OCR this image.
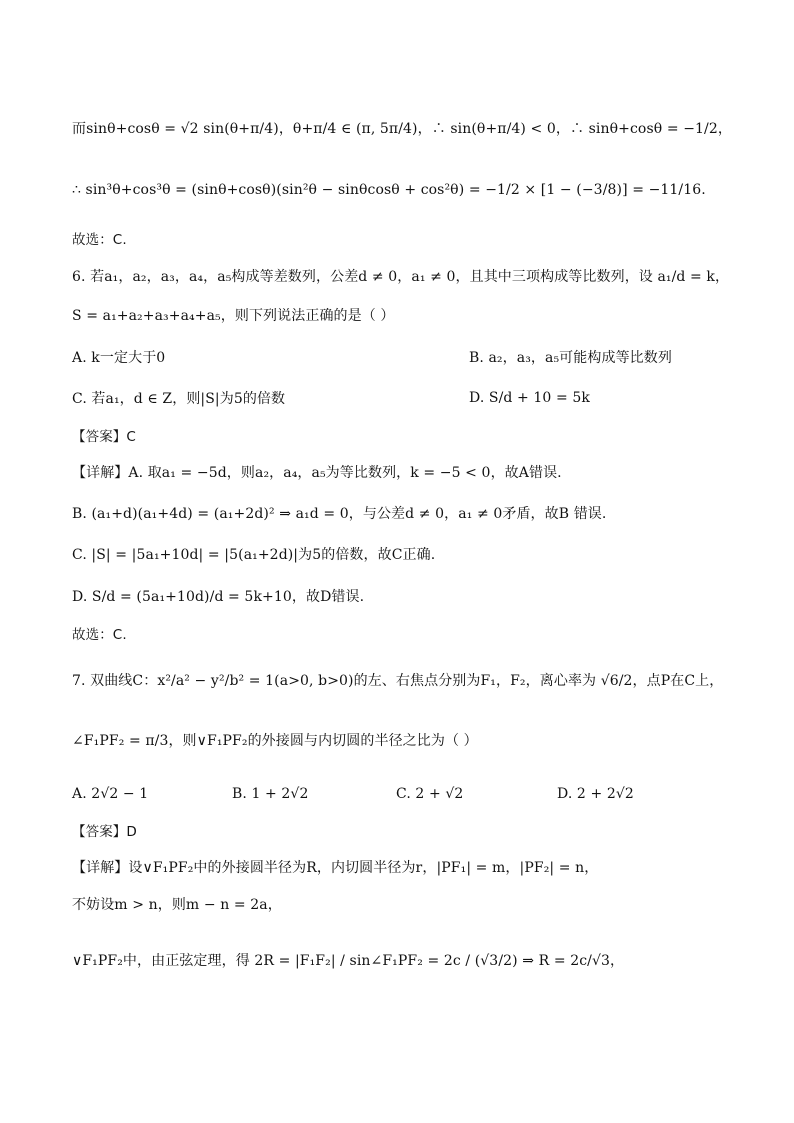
而sinθ+cosθ = √2 sin(θ+π/4)，θ+π/4 ∈ (π, 5π/4)，∴ sin(θ+π/4) < 0，∴ sinθ+cosθ = −1/2，
∴ sin³θ+cos³θ = (sinθ+cosθ)(sin²θ − sinθcosθ + cos²θ) = −1/2 × [1 − (−3/8)] = −11/16.
故选：C.
6. 若a₁，a₂，a₃，a₄，a₅构成等差数列，公差d ≠ 0，a₁ ≠ 0，且其中三项构成等比数列，设 a₁/d = k，
S = a₁+a₂+a₃+a₄+a₅，则下列说法正确的是（ ）
A. k一定大于0	B. a₂，a₃，a₅可能构成等比数列
C. 若a₁，d ∈ Z，则|S|为5的倍数	D. S/d + 10 = 5k
【答案】C
【详解】A. 取a₁ = −5d，则a₂，a₄，a₅为等比数列，k = −5 < 0，故A错误.
B. (a₁+d)(a₁+4d) = (a₁+2d)² ⇒ a₁d = 0，与公差d ≠ 0，a₁ ≠ 0矛盾，故B 错误.
C. |S| = |5a₁+10d| = |5(a₁+2d)|为5的倍数，故C正确.
D. S/d = (5a₁+10d)/d = 5k+10，故D错误.
故选：C.
7. 双曲线C：x²/a² − y²/b² = 1(a>0, b>0)的左、右焦点分别为F₁，F₂，离心率为 √6/2，点P在C上，
∠F₁PF₂ = π/3，则∨F₁PF₂的外接圆与内切圆的半径之比为（ ）
A. 2√2 − 1	B. 1 + 2√2	C. 2 + √2	D. 2 + 2√2
【答案】D
【详解】设∨F₁PF₂中的外接圆半径为R，内切圆半径为r，|PF₁| = m，|PF₂| = n，
不妨设m > n，则m − n = 2a，
∨F₁PF₂中，由正弦定理，得 2R = |F₁F₂| / sin∠F₁PF₂ = 2c / (√3/2) ⇒ R = 2c/√3，
